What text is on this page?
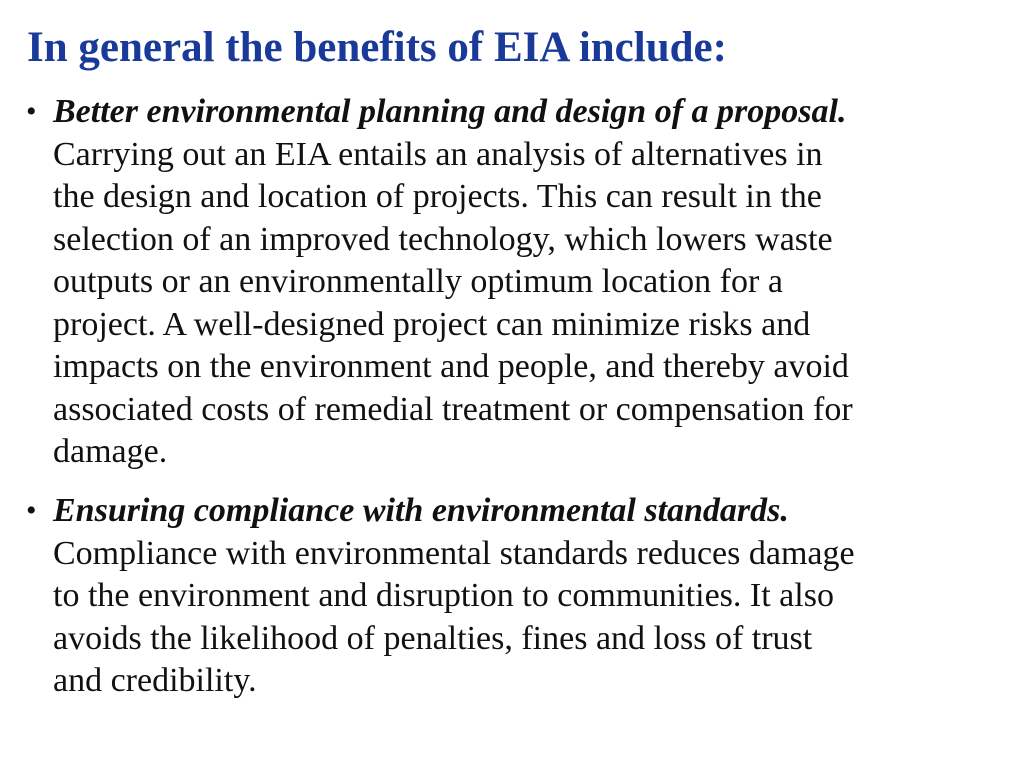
In general the benefits of EIA include:
• Better environmental planning and design of a proposal.
Carrying out an EIA entails an analysis of alternatives in
the design and location of projects. This can result in the
selection of an improved technology, which lowers waste
outputs or an environmentally optimum location for a
project. A well-designed project can minimize risks and
impacts on the environment and people, and thereby avoid
associated costs of remedial treatment or compensation for
damage.
• Ensuring compliance with environmental standards.
Compliance with environmental standards reduces damage
to the environment and disruption to communities. It also
avoids the likelihood of penalties, fines and loss of trust
and credibility.
